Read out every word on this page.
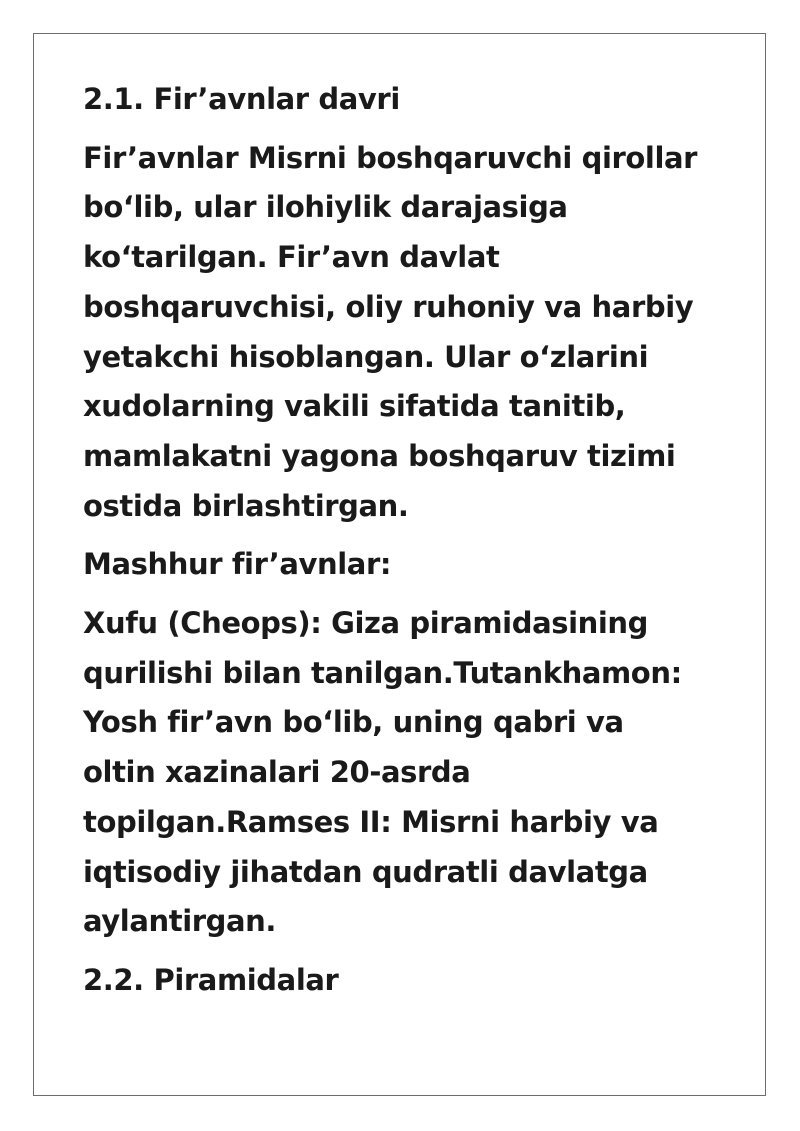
2.1. Fir’avnlar davri

Fir’avnlar Misrni boshqaruvchi qirollar bo‘lib, ular ilohiylik darajasiga ko‘tarilgan. Fir’avn davlat boshqaruvchisi, oliy ruhoniy va harbiy yetakchi hisoblangan. Ular o‘zlarini xudolarning vakili sifatida tanitib, mamlakatni yagona boshqaruv tizimi ostida birlashtirgan.

Mashhur fir’avnlar:

Xufu (Cheops): Giza piramidasining qurilishi bilan tanilgan.Tutankhamon: Yosh fir’avn bo‘lib, uning qabri va oltin xazinalari 20-asrda topilgan.Ramses II: Misrni harbiy va iqtisodiy jihatdan qudratli davlatga aylantirgan.

2.2. Piramidalar
